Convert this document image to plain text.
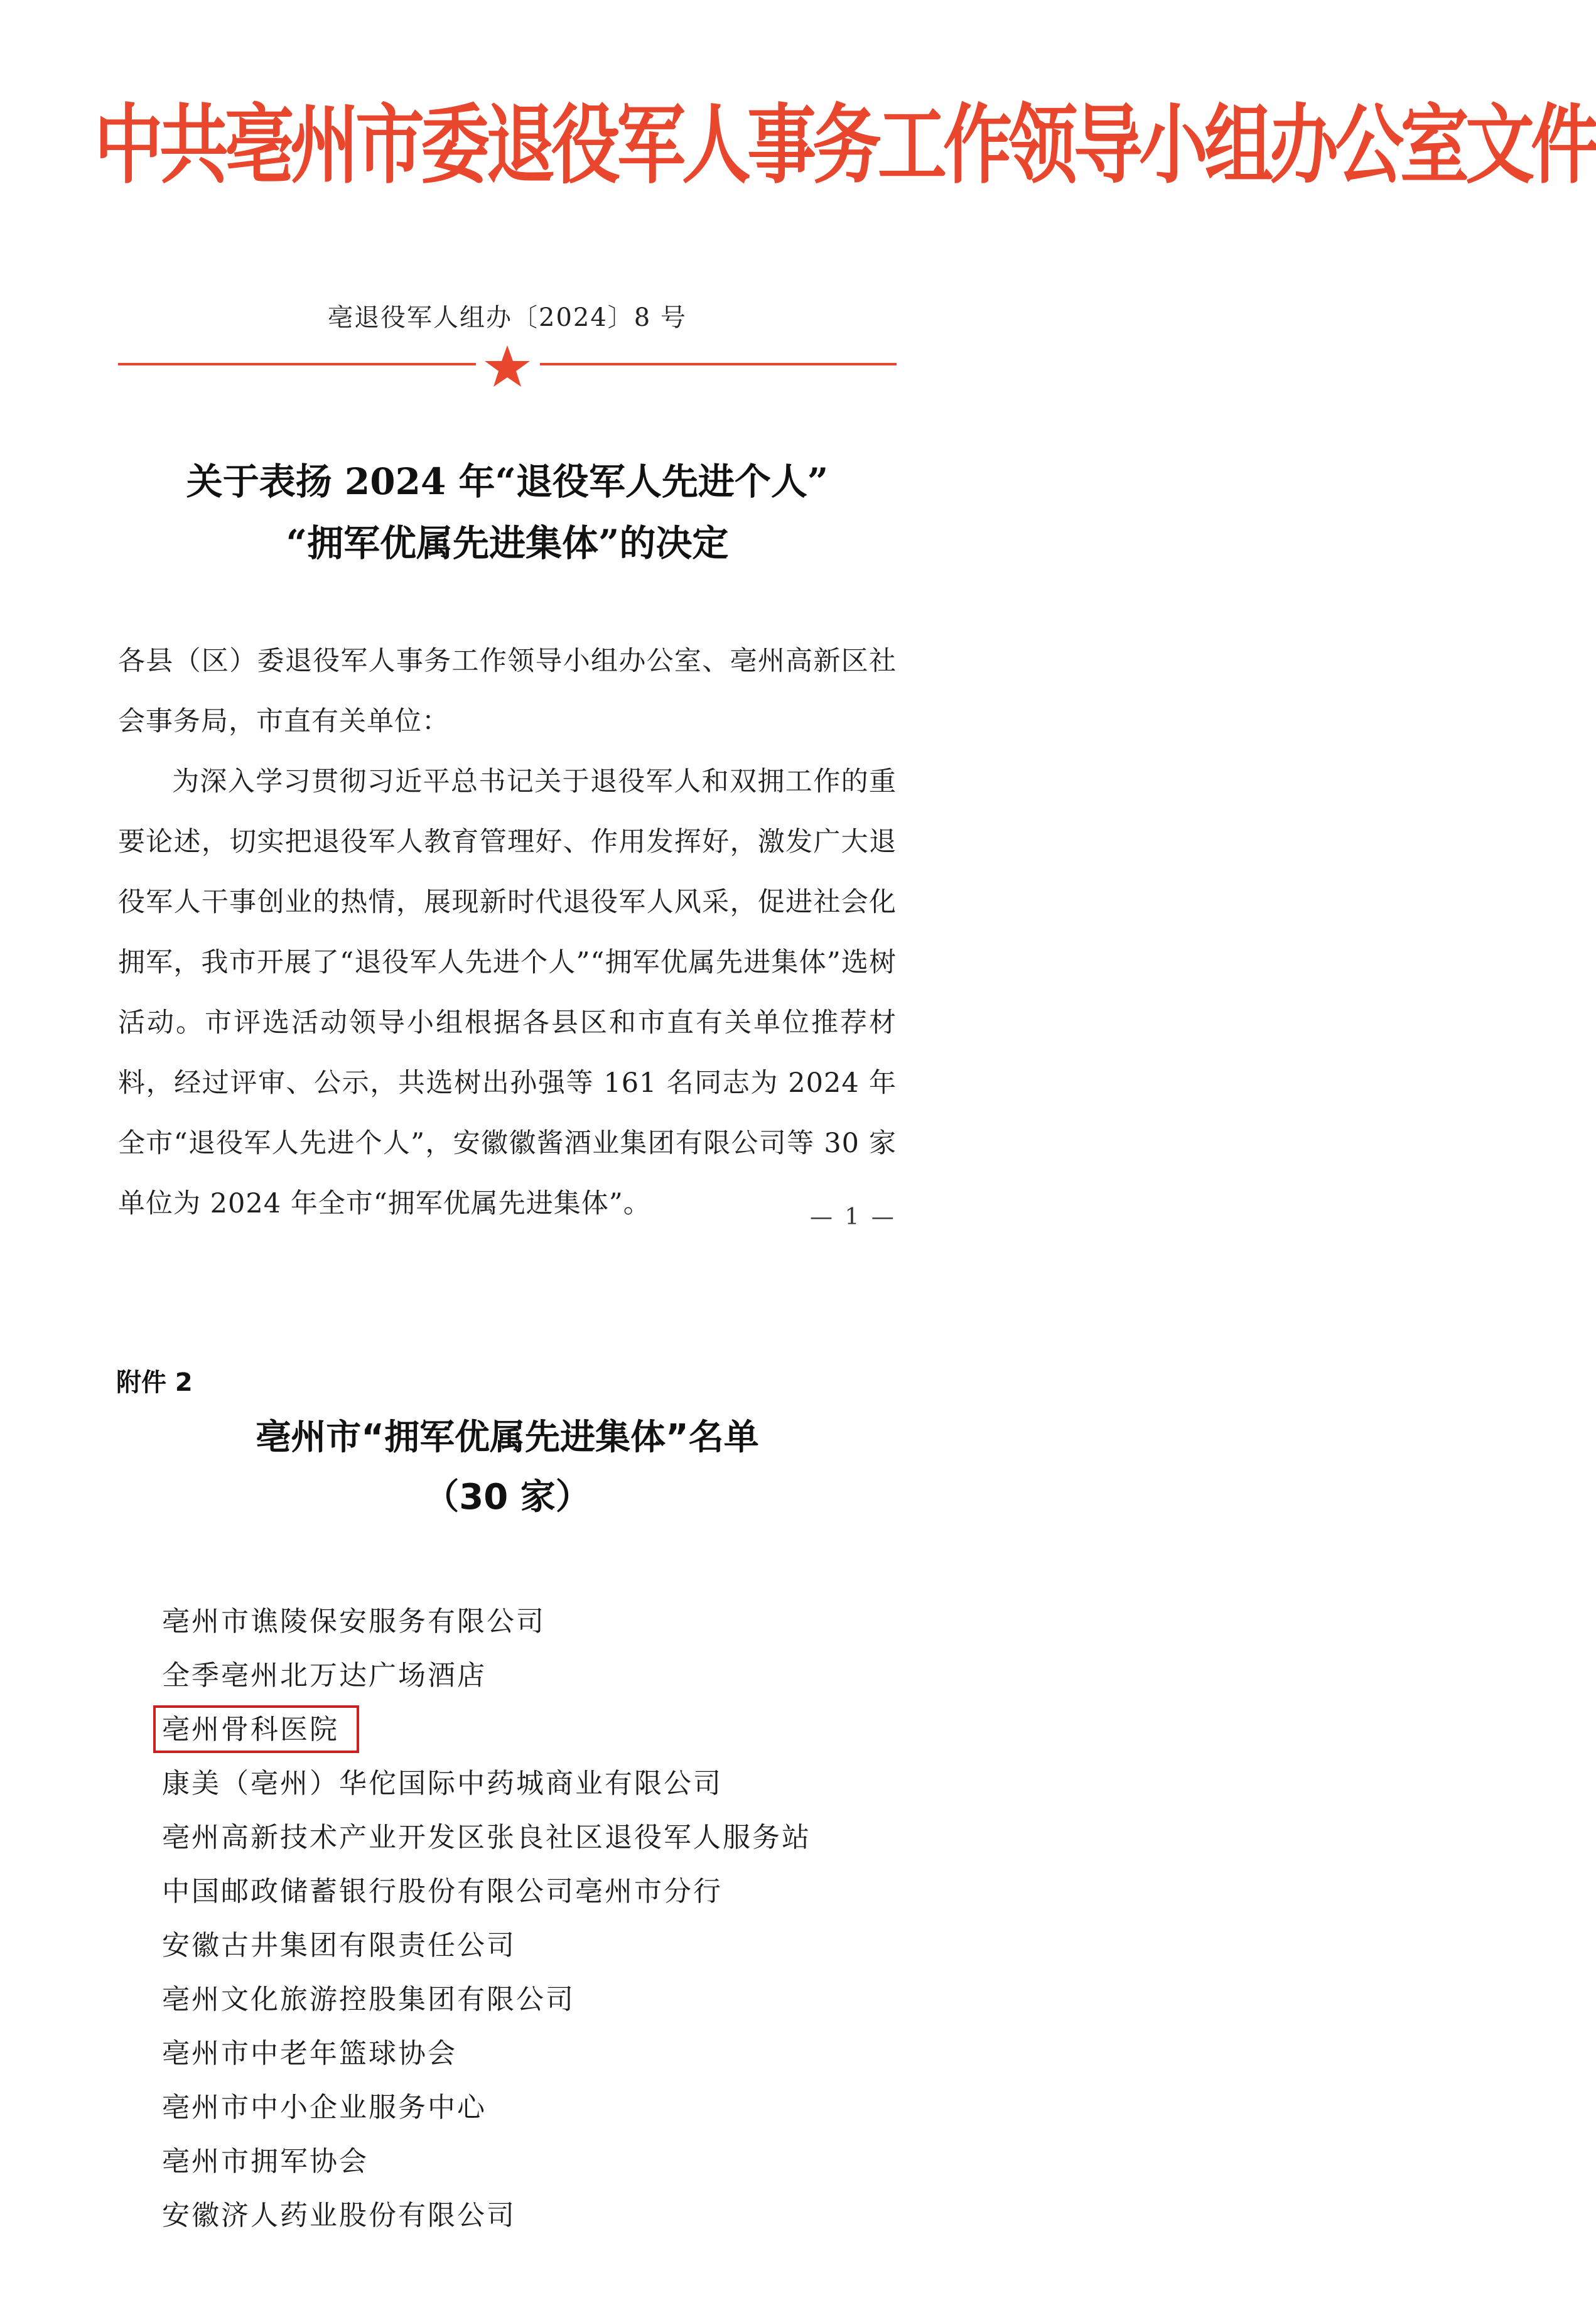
中共亳州市委退役军人事务工作领导小组办公室文件
亳退役军人组办〔2024〕8 号
关于表扬 2024 年“退役军人先进个人”
“拥军优属先进集体”的决定
各县（区）委退役军人事务工作领导小组办公室、亳州高新区社会事务局，市直有关单位：
为深入学习贯彻习近平总书记关于退役军人和双拥工作的重要论述，切实把退役军人教育管理好、作用发挥好，激发广大退役军人干事创业的热情，展现新时代退役军人风采，促进社会化拥军，我市开展了“退役军人先进个人”“拥军优属先进集体”选树活动。市评选活动领导小组根据各县区和市直有关单位推荐材料，经过评审、公示，共选树出孙强等 161 名同志为 2024 年全市“退役军人先进个人”，安徽徽酱酒业集团有限公司等 30 家单位为 2024 年全市“拥军优属先进集体”。	— 1 —
附件 2
亳州市“拥军优属先进集体”名单
（30 家）
亳州市谯陵保安服务有限公司
全季亳州北万达广场酒店
亳州骨科医院
康美（亳州）华佗国际中药城商业有限公司
亳州高新技术产业开发区张良社区退役军人服务站
中国邮政储蓄银行股份有限公司亳州市分行
安徽古井集团有限责任公司
亳州文化旅游控股集团有限公司
亳州市中老年篮球协会
亳州市中小企业服务中心
亳州市拥军协会
安徽济人药业股份有限公司
